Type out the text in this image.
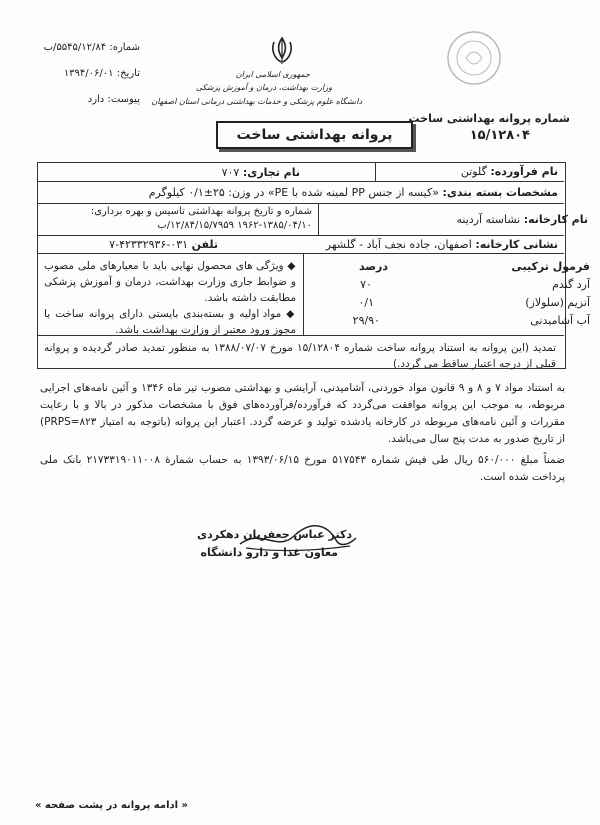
شماره: ۵۵۴۵/۱۲/۸۴/ب
تاریخ: ۱۳۹۴/۰۶/۰۱
پیوست: دارد
جمهوری اسلامی ایران
وزارت بهداشت، درمان و آموزش پزشکی
دانشگاه علوم پزشکی و خدمات بهداشتی درمانی استان اصفهان
پروانه بهداشتی ساخت
شماره پروانه بهداشتی ساخت
۱۵/۱۲۸۰۴
نام فرآورده: گلوتن
نام تجاری: ۷۰۷
مشخصات بسته بندی: «کیسه از جنس PP لمینه شده با PE» در وزن: ۲۵±۰/۱ کیلوگرم
نام کارخانه: نشاسته آردینه
شماره و تاریخ پروانه بهداشتی تاسیس و بهره برداری:
۱۹۶۲-۱۳۸۵/۰۴/۱۰ ۱۲/۸۴/۱۵/۷۹۵۹/ب
نشانی کارخانه: اصفهان، جاده نجف آباد - گلشهر
تلفن ۰۳۱-۴۲۳۳۲۹۳۶-۷
فرمول ترکیبی
درصد
آرد گندم
۷۰
آنزیم (سلولاز)
۰/۱
آب آشامیدنی
۲۹/۹۰
◆ ویژگی های محصول نهایی باید با معیارهای ملی مصوب و ضوابط جاری وزارت بهداشت، درمان و آموزش پزشکی مطابقت داشته باشد.
◆ مواد اولیه و بسته‌بندی بایستی دارای پروانه ساخت یا مجوز ورود معتبر از وزارت بهداشت باشد.
تمدید (این پروانه به استناد پروانه ساخت شماره ۱۵/۱۲۸۰۴ مورخ ۱۳۸۸/۰۷/۰۷ به منظور تمدید صادر گردیده و پروانه قبلی از درجه اعتبار ساقط می گردد.)

به استناد مواد ۷ و ۸ و ۹ قانون مواد خوردنی، آشامیدنی، آرایشی و بهداشتی مصوب تیر ماه ۱۳۴۶ و آئین نامه‌های اجرایی مربوطه، به موجب این پروانه موافقت می‌گردد که فرآورده/فرآورده‌های فوق با مشخصات مذکور در بالا و با رعایت مقررات و آئین نامه‌های مربوطه در کارخانه یادشده تولید و عرضه گردد. اعتبار این پروانه (باتوجه به امتیاز PRPS=۸۲۳) از تاریخ صدور به مدت پنج سال می‌باشد.

ضمناً مبلغ ۵۶۰/۰۰۰ ریال طی فیش شماره ۵۱۷۵۴۳ مورخ ۱۳۹۳/۰۶/۱۵ به حساب شمارهٔ ۲۱۷۳۳۱۹۰۱۱۰۰۸ بانک ملی پرداخت شده است.

دکتر عباس جعفریان دهکردی
معاون غذا و دارو دانشگاه
« ادامه پروانه در پشت صفحه »
